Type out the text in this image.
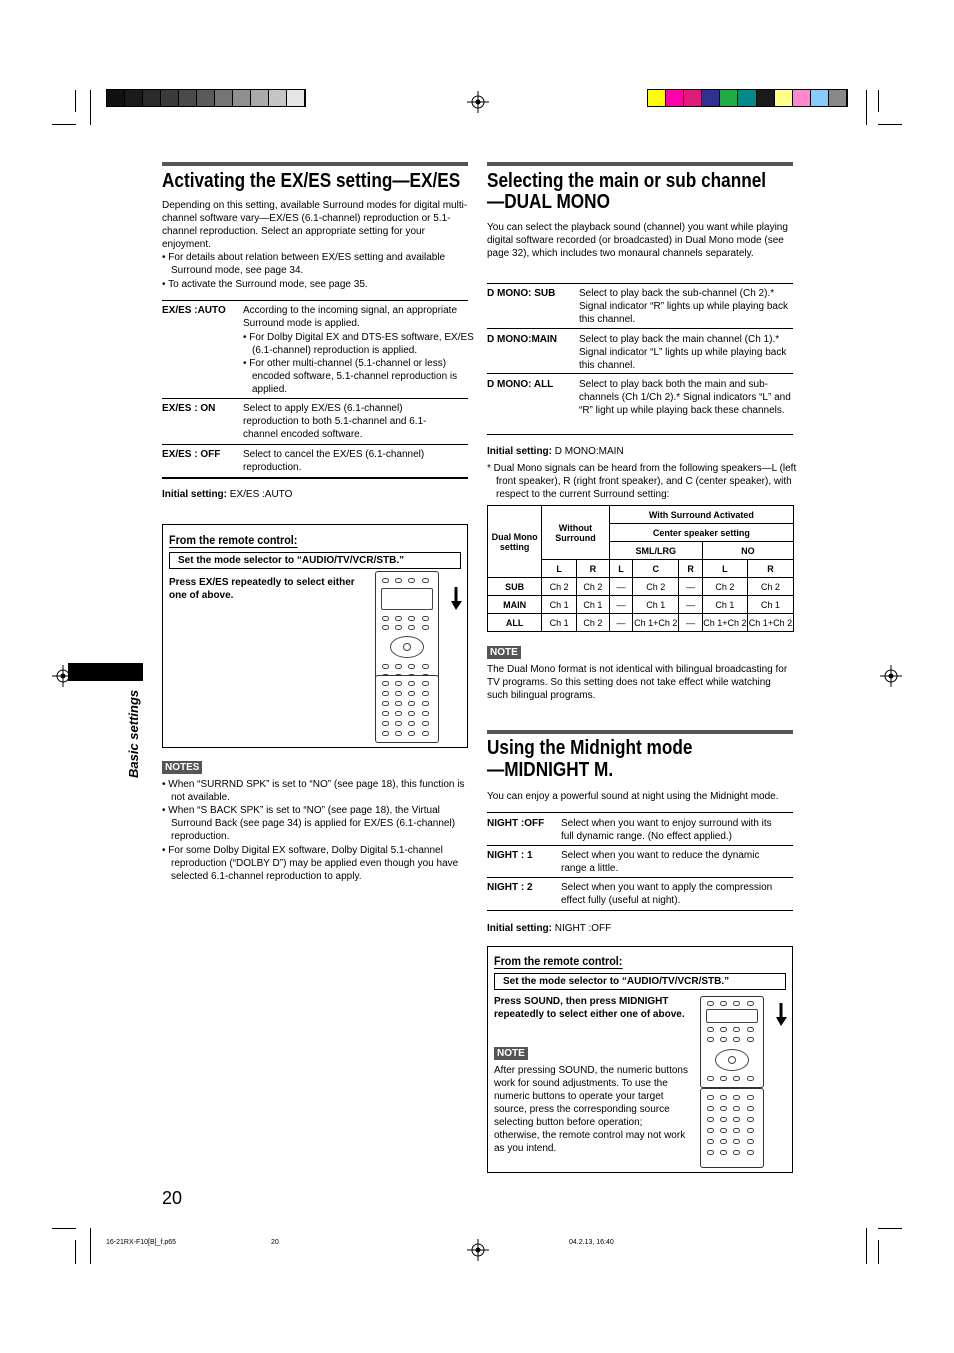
Activating the EX/ES setting—EX/ES
Depending on this setting, available Surround modes for digital multi-channel software vary—EX/ES (6.1-channel) reproduction or 5.1-channel reproduction. Select an appropriate setting for your enjoyment.
• For details about relation between EX/ES setting and available Surround mode, see page 34.
• To activate the Surround mode, see page 35.
EX/ES :AUTO According to the incoming signal, an appropriate Surround mode is applied.
• For Dolby Digital EX and DTS-ES software, EX/ES (6.1-channel) reproduction is applied.
• For other multi-channel (5.1-channel or less) encoded software, 5.1-channel reproduction is applied.
EX/ES : ON	Select to apply EX/ES (6.1-channel) reproduction to both 5.1-channel and 6.1-channel encoded software.
EX/ES : OFF Select to cancel the EX/ES (6.1-channel) reproduction.
Initial setting: EX/ES :AUTO
From the remote control:
Set the mode selector to “AUDIO/TV/VCR/STB.”
Press EX/ES repeatedly to select either one of above.
NOTES
• When “SURRND SPK” is set to “NO” (see page 18), this function is not available.
• When “S BACK SPK” is set to “NO” (see page 18), the Virtual Surround Back (see page 34) is applied for EX/ES (6.1-channel) reproduction.
• For some Dolby Digital EX software, Dolby Digital 5.1-channel reproduction (“DOLBY D”) may be applied even though you have selected 6.1-channel reproduction to apply.
Basic settings
20
Selecting the main or sub channel
—DUAL MONO
You can select the playback sound (channel) you want while playing digital software recorded (or broadcasted) in Dual Mono mode (see page 32), which includes two monaural channels separately.
D MONO: SUB Select to play back the sub-channel (Ch 2).* Signal indicator “R” lights up while playing back this channel.
D MONO:MAIN Select to play back the main channel (Ch 1).* Signal indicator “L” lights up while playing back this channel.
D MONO: ALL	Select to play back both the main and sub-channels (Ch 1/Ch 2).* Signal indicators “L” and “R” light up while playing back these channels.
Initial setting: D MONO:MAIN
* Dual Mono signals can be heard from the following speakers—L (left front speaker), R (right front speaker), and C (center speaker), with respect to the current Surround setting:
Dual Mono setting	Without Surround		With Surround Activated				
			Center speaker setting				
			SML/LRG			NO	
	L	R	L	C	R	L	R
SUB	Ch 2	Ch 2	—	Ch 2	—	Ch 2	Ch 2
MAIN	Ch 1	Ch 1	—	Ch 1	—	Ch 1	Ch 1
ALL	Ch 1	Ch 2	—	Ch 1+Ch 2	—	Ch 1+Ch 2	Ch 1+Ch 2
NOTE
The Dual Mono format is not identical with bilingual broadcasting for TV programs. So this setting does not take effect while watching such bilingual programs.
Using the Midnight mode
—MIDNIGHT M.
You can enjoy a powerful sound at night using the Midnight mode.
NIGHT :OFF Select when you want to enjoy surround with its full dynamic range. (No effect applied.)
NIGHT : 1	Select when you want to reduce the dynamic range a little.
NIGHT : 2	Select when you want to apply the compression effect fully (useful at night).
Initial setting: NIGHT :OFF
From the remote control:
Set the mode selector to “AUDIO/TV/VCR/STB.”
Press SOUND, then press MIDNIGHT repeatedly to select either one of above.
NOTE
After pressing SOUND, the numeric buttons work for sound adjustments. To use the numeric buttons to operate your target source, press the corresponding source selecting button before operation; otherwise, the remote control may not work as you intend.
16-21RX-F10[B]_f.p65	20	04.2.13, 16:40
